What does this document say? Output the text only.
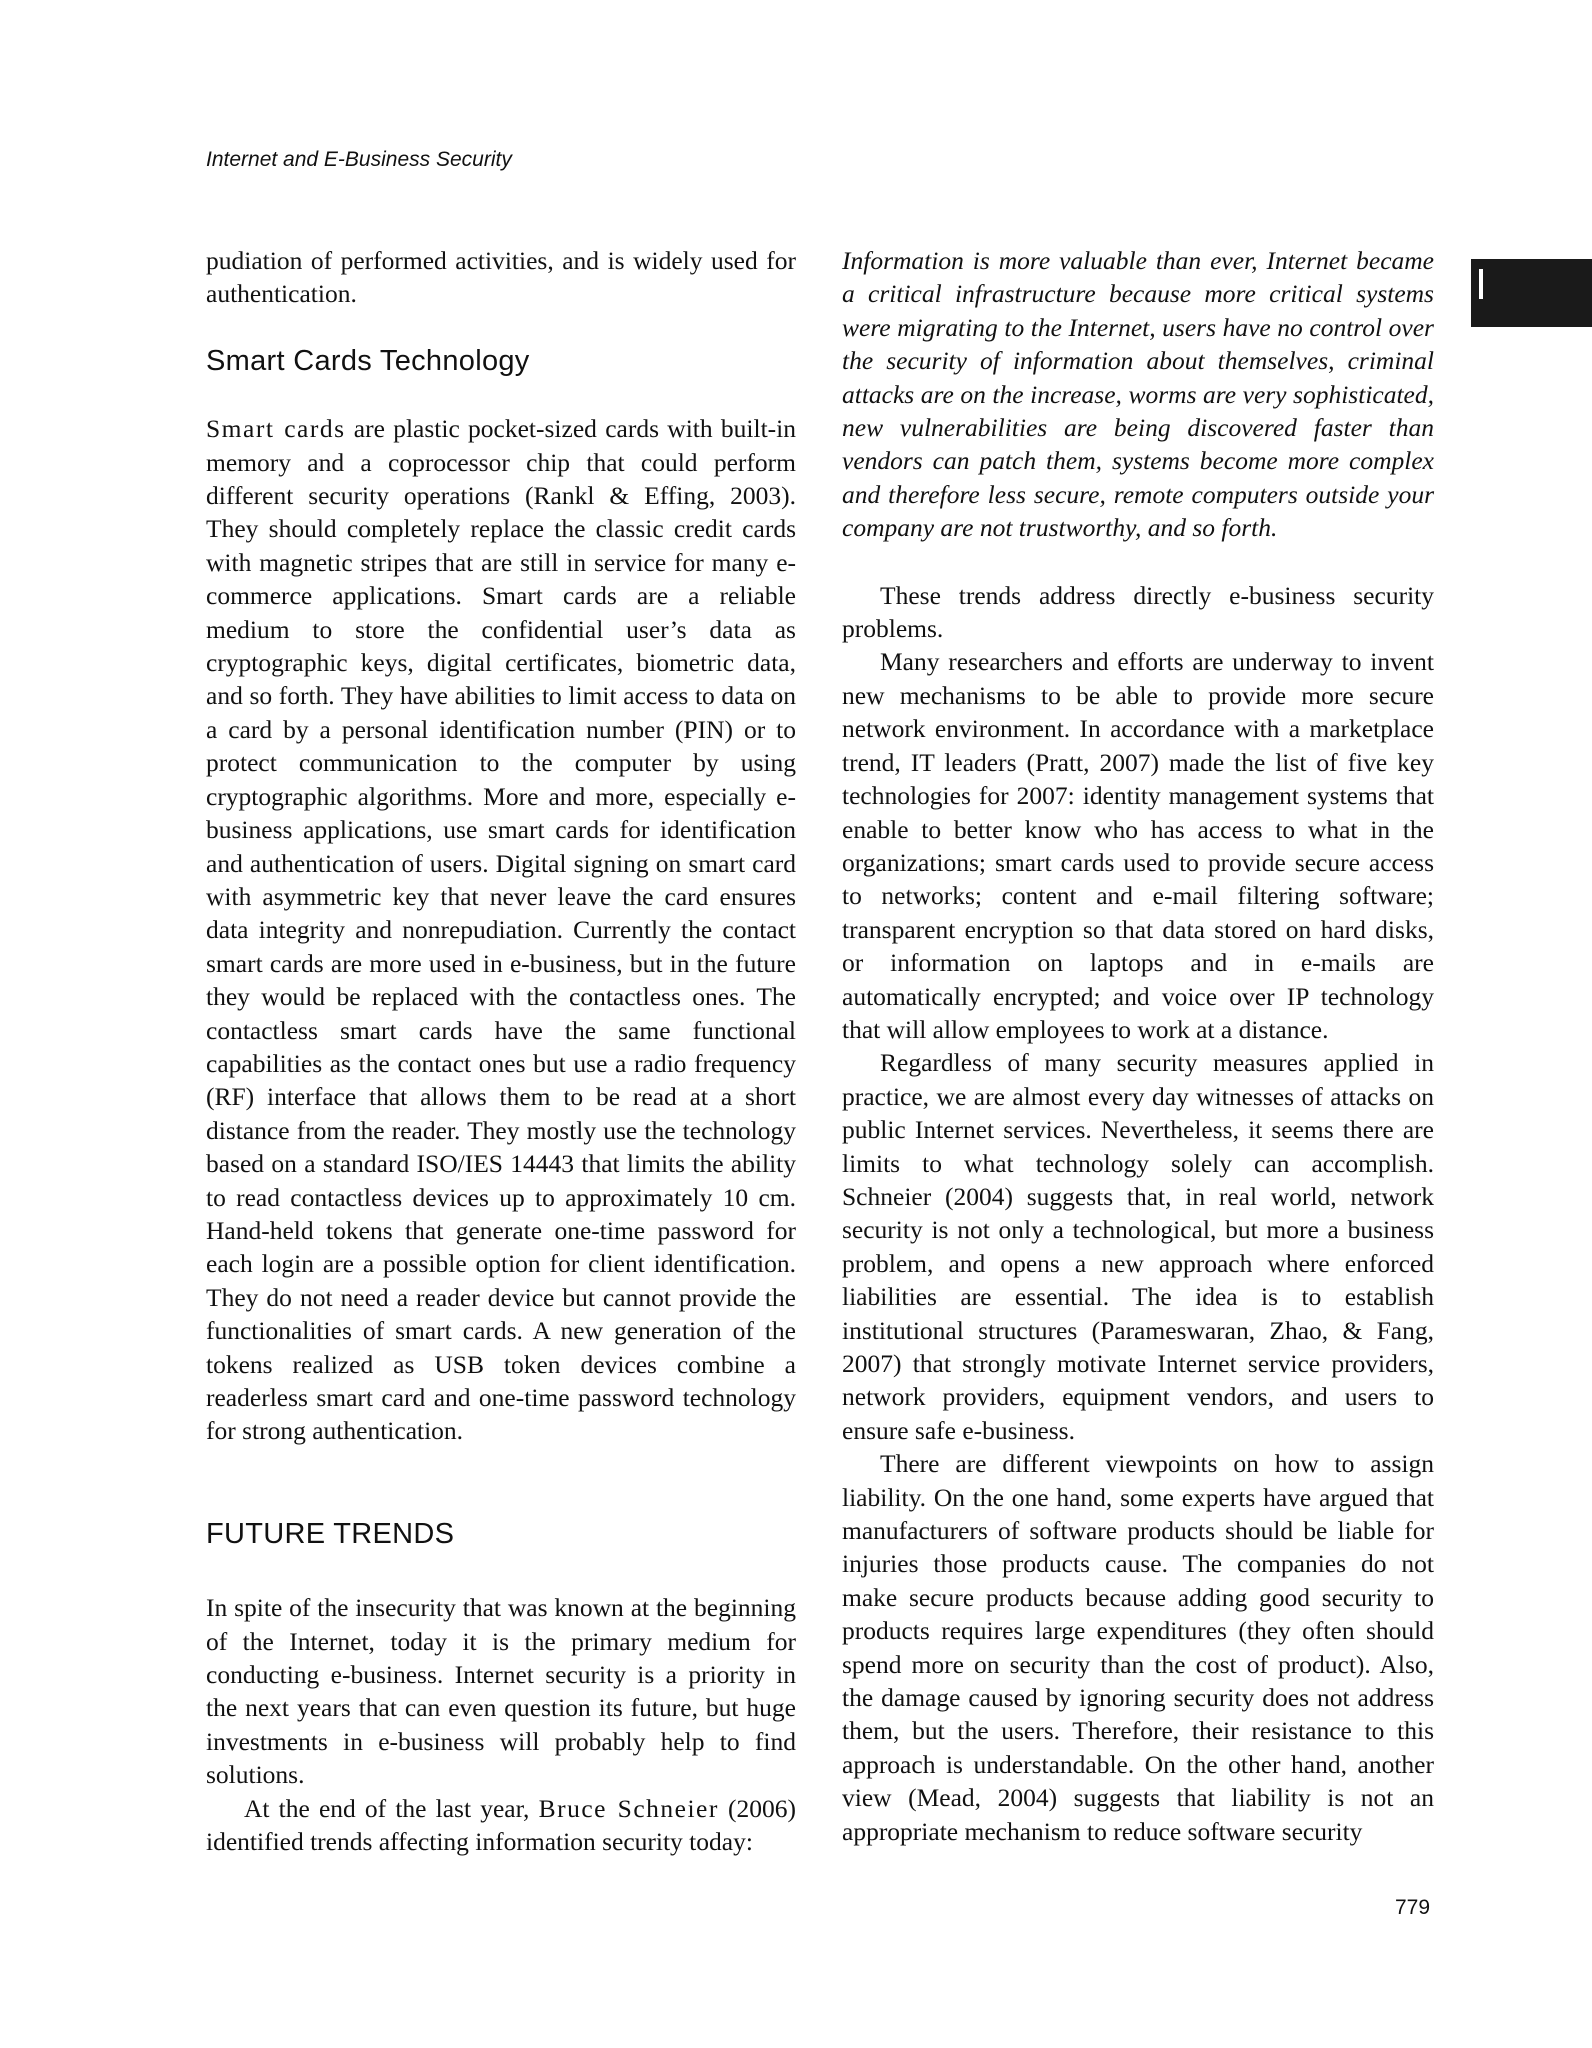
Internet and E-Business Security

pudiation of performed activities, and is widely used for authentication.

Smart Cards Technology

Smart cards are plastic pocket-sized cards with built-in memory and a coprocessor chip that could perform different security operations (Rankl & Effing, 2003). They should completely replace the classic credit cards with magnetic stripes that are still in service for many e-commerce applications. Smart cards are a reliable medium to store the confidential user’s data as cryptographic keys, digital certificates, biometric data, and so forth. They have abilities to limit access to data on a card by a personal identification number (PIN) or to protect communication to the computer by using cryptographic algorithms. More and more, especially e-business applications, use smart cards for identification and authentication of users. Digital signing on smart card with asymmetric key that never leave the card ensures data integrity and nonrepudiation. Currently the contact smart cards are more used in e-business, but in the future they would be replaced with the contactless ones. The contactless smart cards have the same functional capabilities as the contact ones but use a radio frequency (RF) interface that allows them to be read at a short distance from the reader. They mostly use the technology based on a standard ISO/IES 14443 that limits the ability to read contactless devices up to approximately 10 cm. Hand-held tokens that generate one-time password for each login are a possible option for client identification. They do not need a reader device but cannot provide the functionalities of smart cards. A new generation of the tokens realized as USB token devices combine a readerless smart card and one-time password technology for strong authentication.

FUTURE TRENDS

In spite of the insecurity that was known at the beginning of the Internet, today it is the primary medium for conducting e-business. Internet security is a priority in the next years that can even question its future, but huge investments in e-business will probably help to find solutions.

At the end of the last year, Bruce Schneier (2006) identified trends affecting information security today:

Information is more valuable than ever, Internet became a critical infrastructure because more critical systems were migrating to the Internet, users have no control over the security of information about themselves, criminal attacks are on the increase, worms are very sophisticated, new vulnerabilities are being discovered faster than vendors can patch them, systems become more complex and therefore less secure, remote computers outside your company are not trustworthy, and so forth.

These trends address directly e-business security problems.

Many researchers and efforts are underway to invent new mechanisms to be able to provide more secure network environment. In accordance with a marketplace trend, IT leaders (Pratt, 2007) made the list of five key technologies for 2007: identity management systems that enable to better know who has access to what in the organizations; smart cards used to provide secure access to networks; content and e-mail filtering software; transparent encryption so that data stored on hard disks, or information on laptops and in e-mails are automatically encrypted; and voice over IP technology that will allow employees to work at a distance.

Regardless of many security measures applied in practice, we are almost every day witnesses of attacks on public Internet services. Nevertheless, it seems there are limits to what technology solely can accomplish. Schneier (2004) suggests that, in real world, network security is not only a technological, but more a business problem, and opens a new approach where enforced liabilities are essential. The idea is to establish institutional structures (Parameswaran, Zhao, & Fang, 2007) that strongly motivate Internet service providers, network providers, equipment vendors, and users to ensure safe e-business.

There are different viewpoints on how to assign liability. On the one hand, some experts have argued that manufacturers of software products should be liable for injuries those products cause. The companies do not make secure products because adding good security to products requires large expenditures (they often should spend more on security than the cost of product). Also, the damage caused by ignoring security does not address them, but the users. Therefore, their resistance to this approach is understandable. On the other hand, another view (Mead, 2004) suggests that liability is not an appropriate mechanism to reduce software security

779
